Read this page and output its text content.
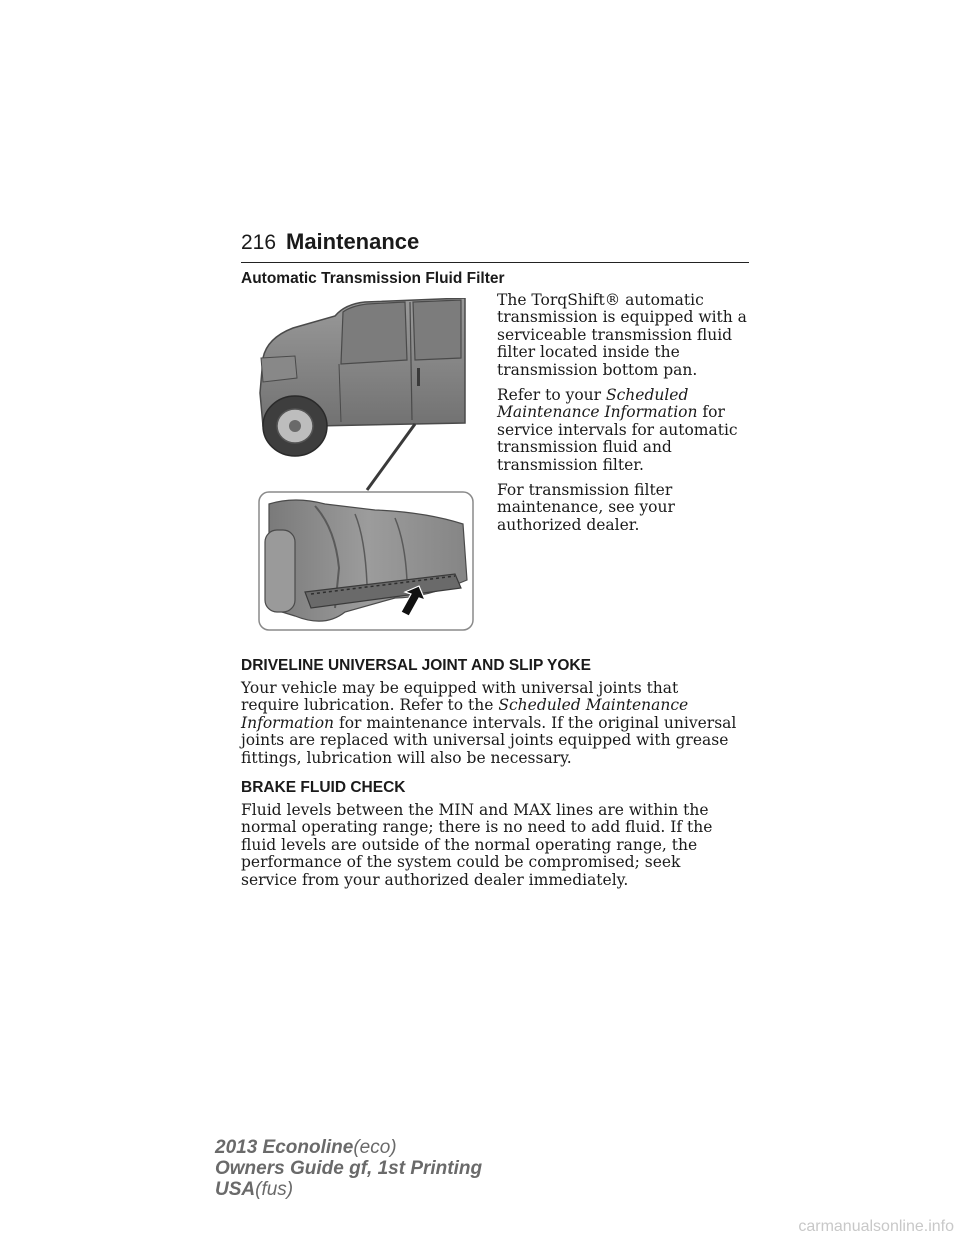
216 Maintenance
Automatic Transmission Fluid Filter

The TorqShift® automatic transmission is equipped with a serviceable transmission fluid filter located inside the transmission bottom pan.

Refer to your Scheduled Maintenance Information for service intervals for automatic transmission fluid and transmission filter.

For transmission filter maintenance, see your authorized dealer.

DRIVELINE UNIVERSAL JOINT AND SLIP YOKE

Your vehicle may be equipped with universal joints that require lubrication. Refer to the Scheduled Maintenance Information for maintenance intervals. If the original universal joints are replaced with universal joints equipped with grease fittings, lubrication will also be necessary.

BRAKE FLUID CHECK

Fluid levels between the MIN and MAX lines are within the normal operating range; there is no need to add fluid. If the fluid levels are outside of the normal operating range, the performance of the system could be compromised; seek service from your authorized dealer immediately.

2013 Econoline(eco)
Owners Guide gf, 1st Printing
USA(fus)
carmanualsonline.info
